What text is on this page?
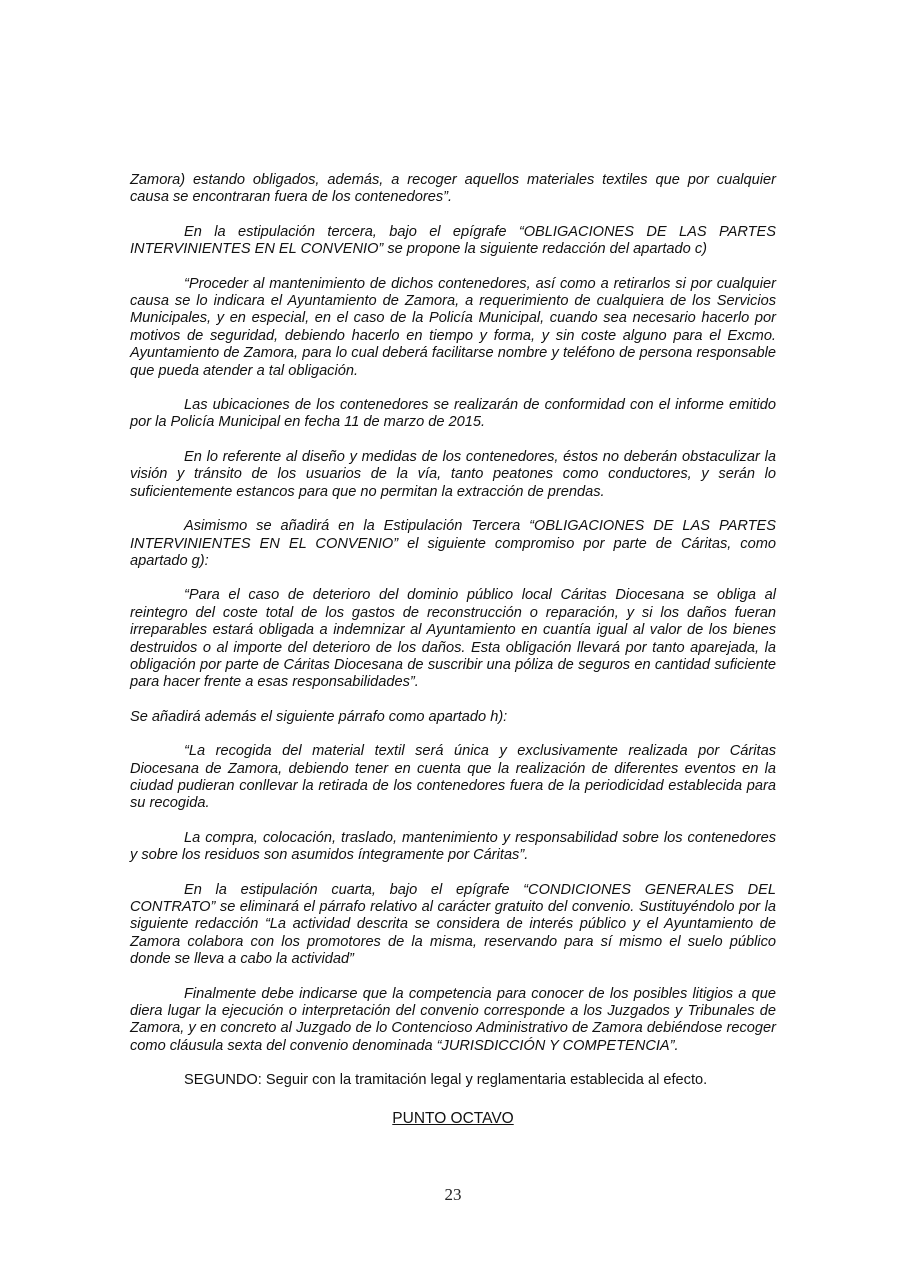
Zamora) estando obligados, además, a recoger aquellos materiales textiles que por cualquier causa se encontraran fuera de los contenedores”.

En la estipulación tercera, bajo el epígrafe “OBLIGACIONES DE LAS PARTES INTERVINIENTES EN EL CONVENIO” se propone la siguiente redacción del apartado c)

“Proceder al mantenimiento de dichos contenedores, así como a retirarlos si por cualquier causa se lo indicara el Ayuntamiento de Zamora, a requerimiento de cualquiera de los Servicios Municipales, y en especial, en el caso de la Policía Municipal, cuando sea necesario hacerlo por motivos de seguridad, debiendo hacerlo en tiempo y forma, y sin coste alguno para el Excmo. Ayuntamiento de Zamora, para lo cual deberá facilitarse nombre y teléfono de persona responsable que pueda atender a tal obligación.

Las ubicaciones de los contenedores se realizarán de conformidad con el informe emitido por la Policía Municipal en fecha 11 de marzo de 2015.

En lo referente al diseño y medidas de los contenedores, éstos no deberán obstaculizar la visión y tránsito de los usuarios de la vía, tanto peatones como conductores, y serán lo suficientemente estancos para que no permitan la extracción de prendas.

Asimismo se añadirá en la Estipulación Tercera “OBLIGACIONES DE LAS PARTES INTERVINIENTES EN EL CONVENIO” el siguiente compromiso por parte de Cáritas, como apartado g):

“Para el caso de deterioro del dominio público local Cáritas Diocesana se obliga al reintegro del coste total de los gastos de reconstrucción o reparación, y si los daños fueran irreparables estará obligada a indemnizar al Ayuntamiento en cuantía igual al valor de los bienes destruidos o al importe del deterioro de los daños. Esta obligación llevará por tanto aparejada, la obligación por parte de Cáritas Diocesana de suscribir una póliza de seguros en cantidad suficiente para hacer frente a esas responsabilidades”.

Se añadirá además el siguiente párrafo como apartado h):

“La recogida del material textil será única y exclusivamente realizada por Cáritas Diocesana de Zamora, debiendo tener en cuenta que la realización de diferentes eventos en la ciudad pudieran conllevar la retirada de los contenedores fuera de la periodicidad establecida para su recogida.

La compra, colocación, traslado, mantenimiento y responsabilidad sobre los contenedores y sobre los residuos son asumidos íntegramente por Cáritas”.

En la estipulación cuarta, bajo el epígrafe “CONDICIONES GENERALES DEL CONTRATO” se eliminará el párrafo relativo al carácter gratuito del convenio. Sustituyéndolo por la siguiente redacción “La actividad descrita se considera de interés público y el Ayuntamiento de Zamora colabora con los promotores de la misma, reservando para sí mismo el suelo público donde se lleva a cabo la actividad”

Finalmente debe indicarse que la competencia para conocer de los posibles litigios a que diera lugar la ejecución o interpretación del convenio corresponde a los Juzgados y Tribunales de Zamora, y en concreto al Juzgado de lo Contencioso Administrativo de Zamora debiéndose recoger como cláusula sexta del convenio denominada “JURISDICCIÓN Y COMPETENCIA”.

SEGUNDO: Seguir con la tramitación legal y reglamentaria establecida al efecto.

PUNTO OCTAVO

23
